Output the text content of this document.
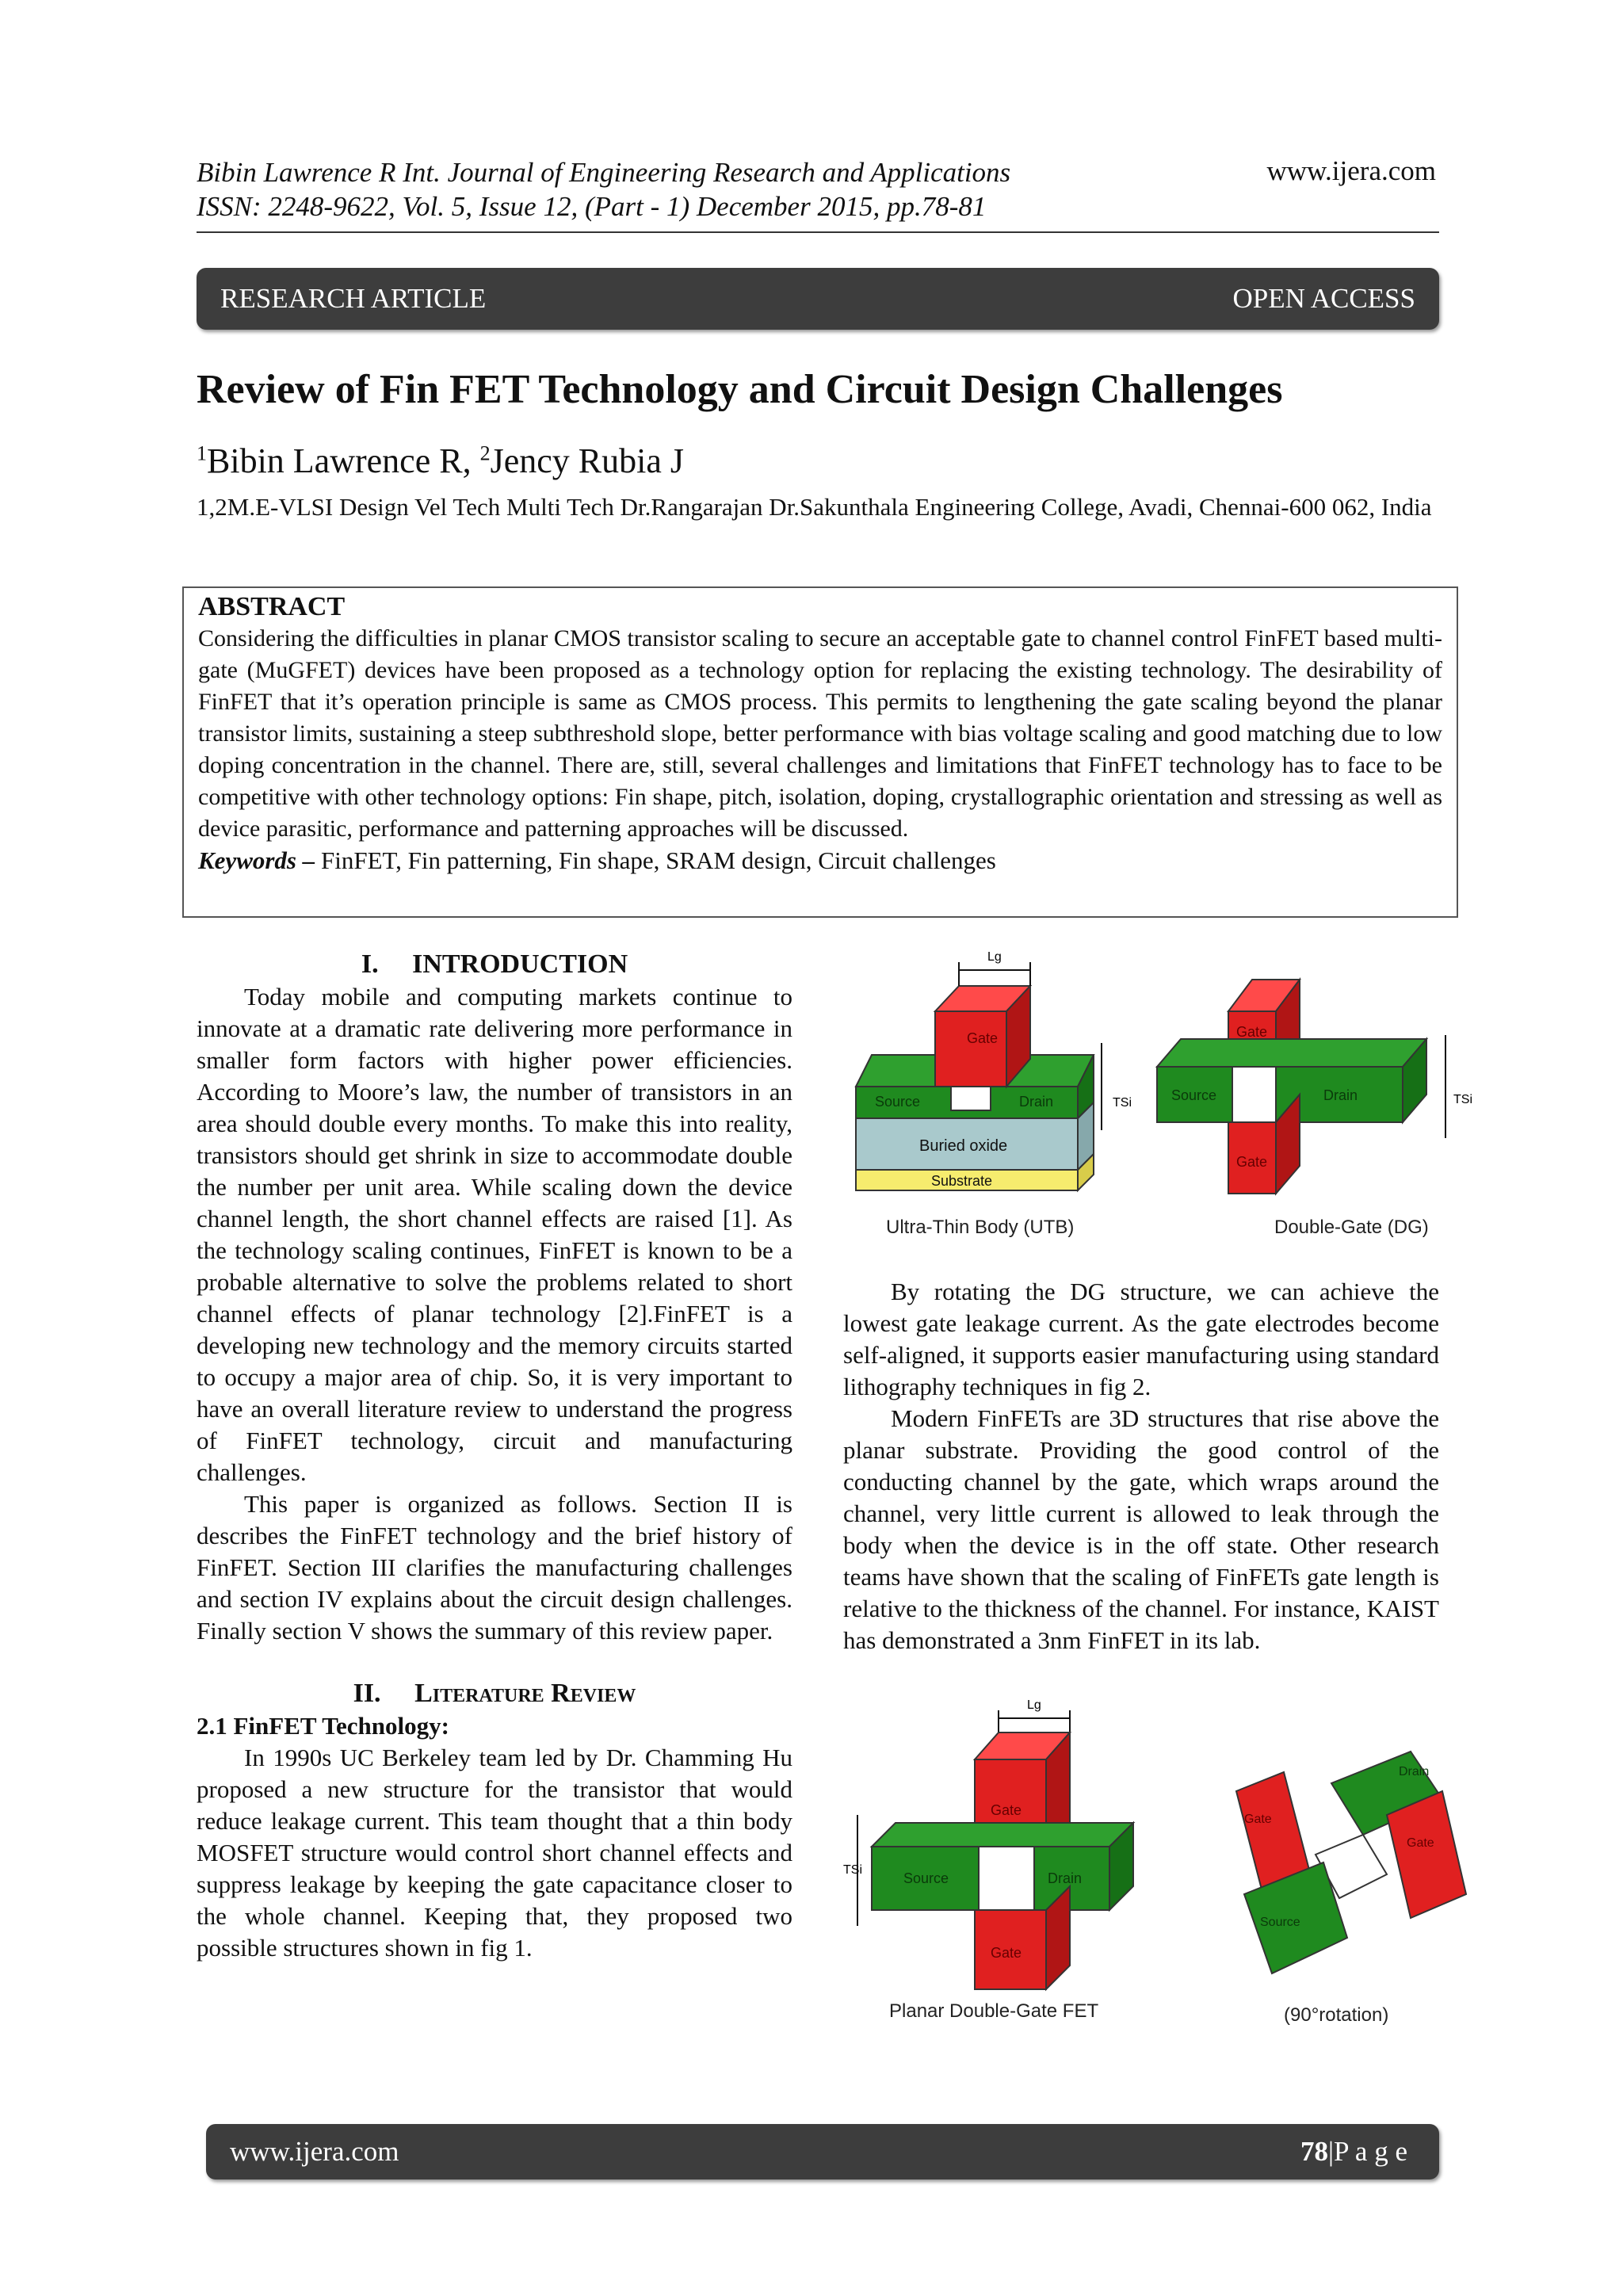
Bibin Lawrence R Int. Journal of Engineering Research and Applications
ISSN: 2248-9622, Vol. 5, Issue 12, (Part - 1) December 2015, pp.78-81
www.ijera.com
RESEARCH ARTICLE	OPEN ACCESS
Review of Fin FET Technology and Circuit Design Challenges
$^1$Bibin Lawrence R, $^2$Jency Rubia J
1,2M.E-VLSI Design Vel Tech Multi Tech Dr.Rangarajan Dr.Sakunthala Engineering College, Avadi, Chennai-600 062, India
ABSTRACT

Considering the difficulties in planar CMOS transistor scaling to secure an acceptable gate to channel control FinFET based multi-gate (MuGFET) devices have been proposed as a technology option for replacing the existing technology. The desirability of FinFET that it’s operation principle is same as CMOS process. This permits to lengthening the gate scaling beyond the planar transistor limits, sustaining a steep subthreshold slope, better performance with bias voltage scaling and good matching due to low doping concentration in the channel. There are, still, several challenges and limitations that FinFET technology has to face to be competitive with other technology options: Fin shape, pitch, isolation, doping, crystallographic orientation and stressing as well as device parasitic, performance and patterning approaches will be discussed.

Keywords – FinFET, Fin patterning, Fin shape, SRAM design, Circuit challenges

I. INTRODUCTION

Today mobile and computing markets continue to innovate at a dramatic rate delivering more performance in smaller form factors with higher power efficiencies. According to Moore’s law, the number of transistors in an area should double every months. To make this into reality, transistors should get shrink in size to accommodate double the number per unit area. While scaling down the device channel length, the short channel effects are raised [1]. As the technology scaling continues, FinFET is known to be a probable alternative to solve the problems related to short channel effects of planar technology [2].FinFET is a developing new technology and the memory circuits started to occupy a major area of chip. So, it is very important to have an overall literature review to understand the progress of FinFET technology, circuit and manufacturing challenges.

This paper is organized as follows. Section II is describes the FinFET technology and the brief history of FinFET. Section III clarifies the manufacturing challenges and section IV explains about the circuit design challenges. Finally section V shows the summary of this review paper.

II. Literature Review
2.1 FinFET Technology:

In 1990s UC Berkeley team led by Dr. Chamming Hu proposed a new structure for the transistor that would reduce leakage current. This team thought that a thin body MOSFET structure would control short channel effects and suppress leakage by keeping the gate capacitance closer to the whole channel. Keeping that, they proposed two possible structures shown in fig 1.

Gate
Source	Drain
Buried oxide
Substrate
Lg
TSi
Ultra-Thin Body (UTB)
Gate
Source	Drain
Gate
TSi
Double-Gate (DG)

By rotating the DG structure, we can achieve the lowest gate leakage current. As the gate electrodes become self-aligned, it supports easier manufacturing using standard lithography techniques in fig 2.

Modern FinFETs are 3D structures that rise above the planar substrate. Providing the good control of the conducting channel by the gate, which wraps around the channel, very little current is allowed to leak through the body when the device is in the off state. Other research teams have shown that the scaling of FinFETs gate length is relative to the thickness of the channel. For instance, KAIST has demonstrated a 3nm FinFET in its lab.

Lg
Gate
Source	Drain
Gate
TSi
Planar Double-Gate FET
Gate
Drain
Gate
Source
(90°rotation)
www.ijera.com	78|P a g e
